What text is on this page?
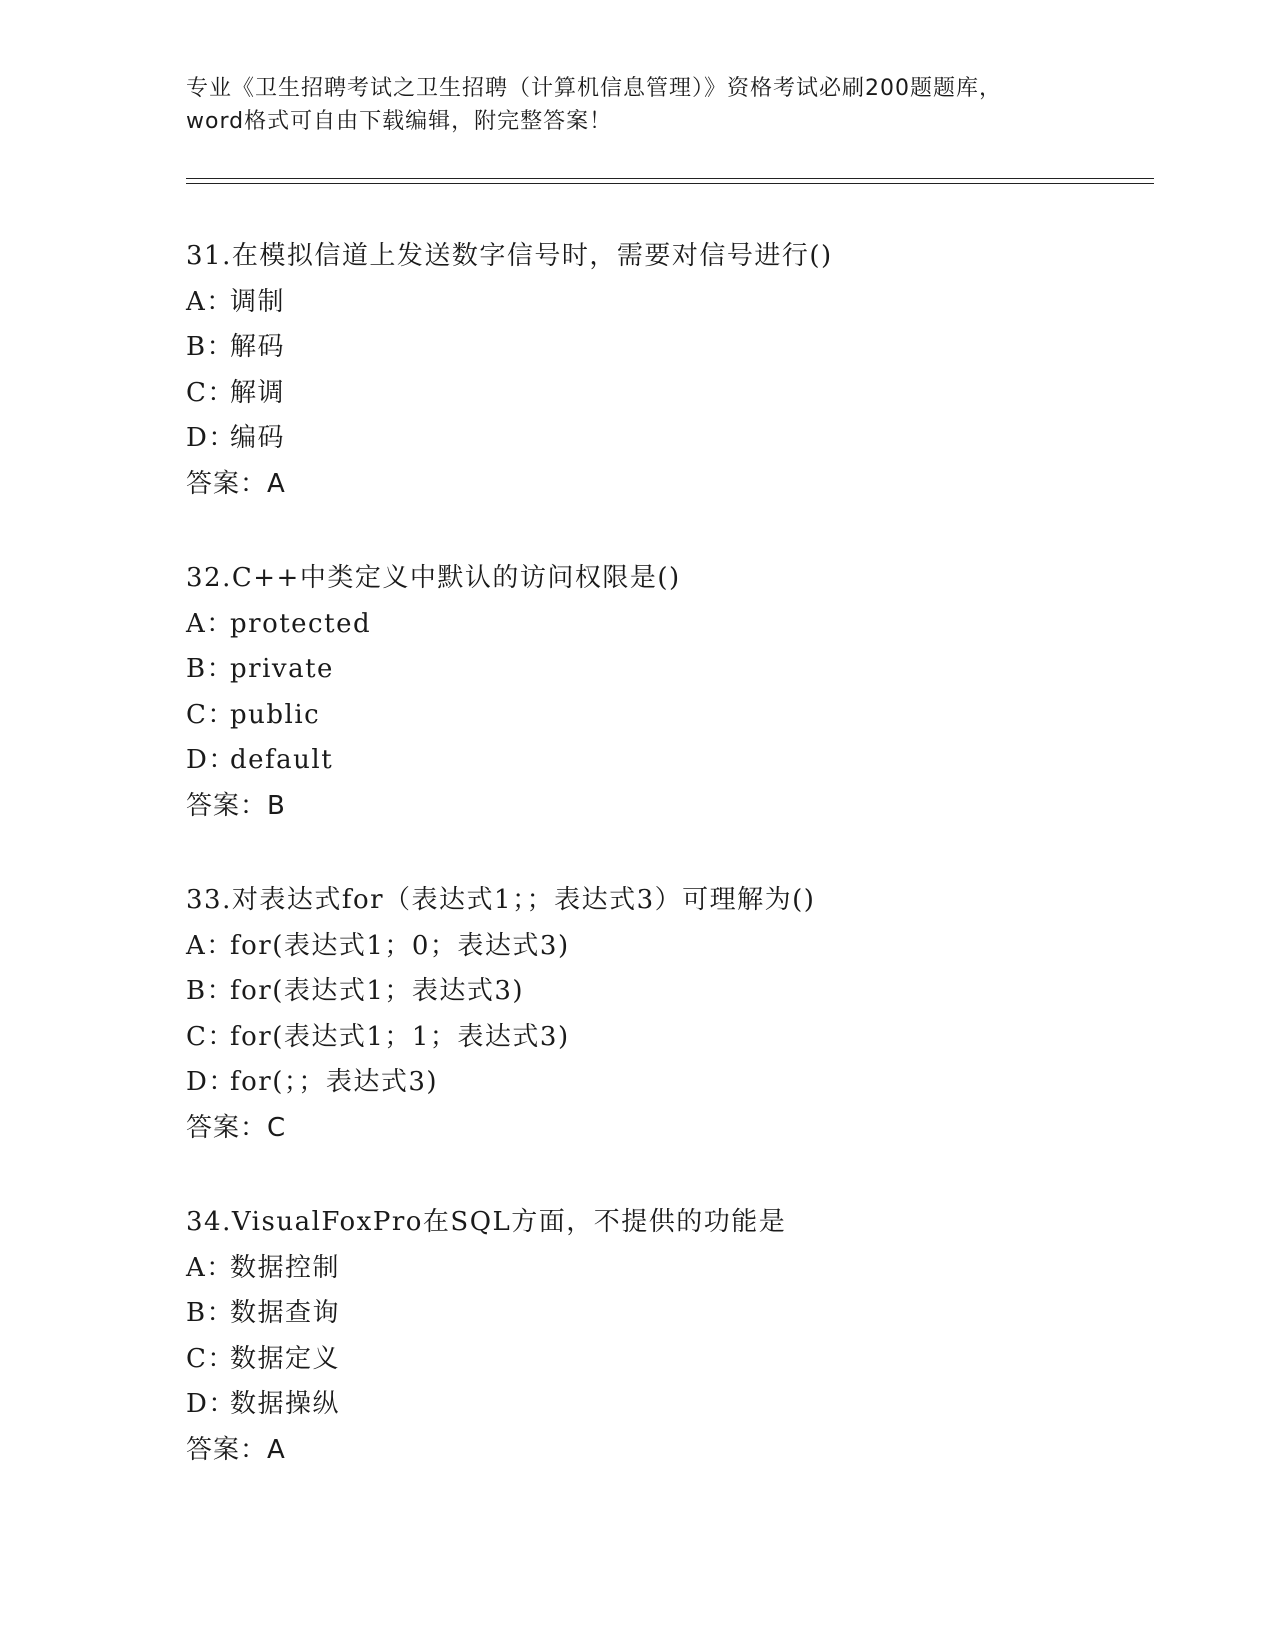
专业《卫生招聘考试之卫生招聘（计算机信息管理）》资格考试必刷200题题库，
word格式可自由下载编辑，附完整答案！
31.在模拟信道上发送数字信号时，需要对信号进行()
A：调制
B：解码
C：解调
D：编码
答案：A
32.C++中类定义中默认的访问权限是()
A：protected
B：private
C：public
D：default
答案：B
33.对表达式for（表达式1；；表达式3）可理解为()
A：for(表达式1；0；表达式3)
B：for(表达式1；表达式3)
C：for(表达式1；1；表达式3)
D：for(；；表达式3)
答案：C
34.VisualFoxPro在SQL方面，不提供的功能是
A：数据控制
B：数据查询
C：数据定义
D：数据操纵
答案：A
